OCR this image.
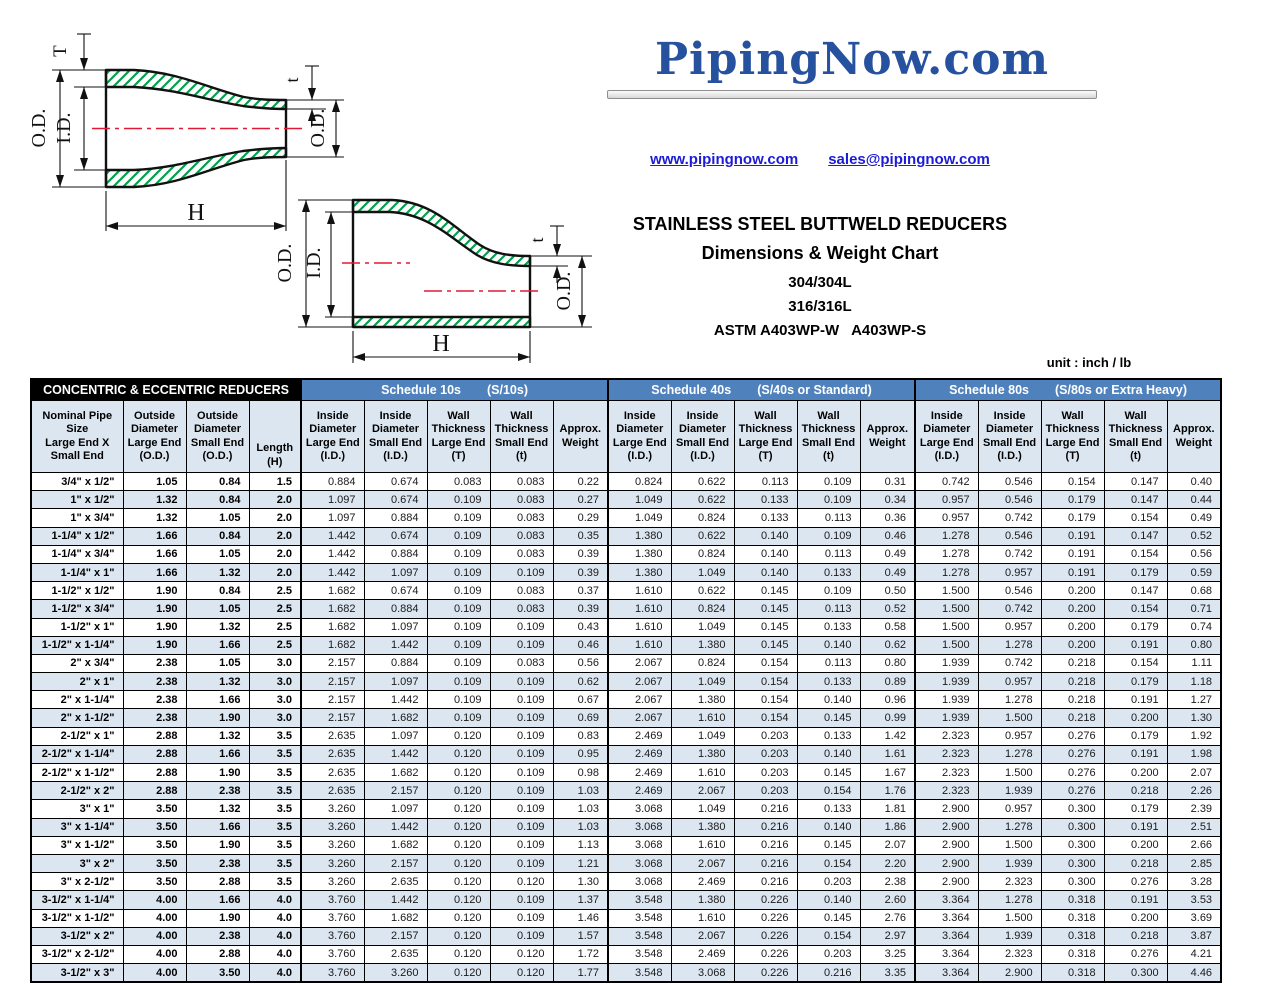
O.D. I.D.
T
t
O.D.
H
O.D. I.D.
t
O.D.
H
PipingNow.com
www.pipingnow.com sales@pipingnow.com
STAINLESS STEEL BUTTWELD REDUCERS
Dimensions & Weight Chart
304/304L
316/316L
ASTM A403WP-W   A403WP-S
unit : inch / lb
CONCENTRIC & ECCENTRIC REDUCERS				Schedule 10s (S/10s)					Schedule 40s (S/40s or Standard)					Schedule 80s (S/80s or Extra Heavy)				

Nominal Pipe
Size
Large End X
Small End

Outside
Diameter
Large End
(O.D.)

Outside
Diameter
Small End
(O.D.)

Length
(H)

Inside
Diameter
Large End
(I.D.)

Inside
Diameter
Small End
(I.D.)

Wall
Thickness
Large End
(T)

Wall
Thickness
Small End
(t)

Approx.
Weight

Inside
Diameter
Large End
(I.D.)

Inside
Diameter
Small End
(I.D.)

Wall
Thickness
Large End
(T)

Wall
Thickness
Small End
(t)

Approx.
Weight

Inside
Diameter
Large End
(I.D.)

Inside
Diameter
Small End
(I.D.)

Wall
Thickness
Large End
(T)

Wall
Thickness
Small End
(t)

Approx.
Weight

3/4" x 1/2"	1.05	0.84	1.5	0.884	0.674	0.083	0.083	0.22	0.824	0.622	0.113	0.109	0.31	0.742	0.546	0.154	0.147	0.40
1" x 1/2"	1.32	0.84	2.0	1.097	0.674	0.109	0.083	0.27	1.049	0.622	0.133	0.109	0.34	0.957	0.546	0.179	0.147	0.44
1" x 3/4"	1.32	1.05	2.0	1.097	0.884	0.109	0.083	0.29	1.049	0.824	0.133	0.113	0.36	0.957	0.742	0.179	0.154	0.49
1-1/4" x 1/2"	1.66	0.84	2.0	1.442	0.674	0.109	0.083	0.35	1.380	0.622	0.140	0.109	0.46	1.278	0.546	0.191	0.147	0.52
1-1/4" x 3/4"	1.66	1.05	2.0	1.442	0.884	0.109	0.083	0.39	1.380	0.824	0.140	0.113	0.49	1.278	0.742	0.191	0.154	0.56
1-1/4" x 1"	1.66	1.32	2.0	1.442	1.097	0.109	0.109	0.39	1.380	1.049	0.140	0.133	0.49	1.278	0.957	0.191	0.179	0.59
1-1/2" x 1/2"	1.90	0.84	2.5	1.682	0.674	0.109	0.083	0.37	1.610	0.622	0.145	0.109	0.50	1.500	0.546	0.200	0.147	0.68
1-1/2" x 3/4"	1.90	1.05	2.5	1.682	0.884	0.109	0.083	0.39	1.610	0.824	0.145	0.113	0.52	1.500	0.742	0.200	0.154	0.71
1-1/2" x 1"	1.90	1.32	2.5	1.682	1.097	0.109	0.109	0.43	1.610	1.049	0.145	0.133	0.58	1.500	0.957	0.200	0.179	0.74
1-1/2" x 1-1/4"	1.90	1.66	2.5	1.682	1.442	0.109	0.109	0.46	1.610	1.380	0.145	0.140	0.62	1.500	1.278	0.200	0.191	0.80
2" x 3/4"	2.38	1.05	3.0	2.157	0.884	0.109	0.083	0.56	2.067	0.824	0.154	0.113	0.80	1.939	0.742	0.218	0.154	1.11
2" x 1"	2.38	1.32	3.0	2.157	1.097	0.109	0.109	0.62	2.067	1.049	0.154	0.133	0.89	1.939	0.957	0.218	0.179	1.18
2" x 1-1/4"	2.38	1.66	3.0	2.157	1.442	0.109	0.109	0.67	2.067	1.380	0.154	0.140	0.96	1.939	1.278	0.218	0.191	1.27
2" x 1-1/2"	2.38	1.90	3.0	2.157	1.682	0.109	0.109	0.69	2.067	1.610	0.154	0.145	0.99	1.939	1.500	0.218	0.200	1.30
2-1/2" x 1"	2.88	1.32	3.5	2.635	1.097	0.120	0.109	0.83	2.469	1.049	0.203	0.133	1.42	2.323	0.957	0.276	0.179	1.92
2-1/2" x 1-1/4"	2.88	1.66	3.5	2.635	1.442	0.120	0.109	0.95	2.469	1.380	0.203	0.140	1.61	2.323	1.278	0.276	0.191	1.98
2-1/2" x 1-1/2"	2.88	1.90	3.5	2.635	1.682	0.120	0.109	0.98	2.469	1.610	0.203	0.145	1.67	2.323	1.500	0.276	0.200	2.07
2-1/2" x 2"	2.88	2.38	3.5	2.635	2.157	0.120	0.109	1.03	2.469	2.067	0.203	0.154	1.76	2.323	1.939	0.276	0.218	2.26
3" x 1"	3.50	1.32	3.5	3.260	1.097	0.120	0.109	1.03	3.068	1.049	0.216	0.133	1.81	2.900	0.957	0.300	0.179	2.39
3" x 1-1/4"	3.50	1.66	3.5	3.260	1.442	0.120	0.109	1.03	3.068	1.380	0.216	0.140	1.86	2.900	1.278	0.300	0.191	2.51
3" x 1-1/2"	3.50	1.90	3.5	3.260	1.682	0.120	0.109	1.13	3.068	1.610	0.216	0.145	2.07	2.900	1.500	0.300	0.200	2.66
3" x 2"	3.50	2.38	3.5	3.260	2.157	0.120	0.109	1.21	3.068	2.067	0.216	0.154	2.20	2.900	1.939	0.300	0.218	2.85
3" x 2-1/2"	3.50	2.88	3.5	3.260	2.635	0.120	0.120	1.30	3.068	2.469	0.216	0.203	2.38	2.900	2.323	0.300	0.276	3.28
3-1/2" x 1-1/4"	4.00	1.66	4.0	3.760	1.442	0.120	0.109	1.37	3.548	1.380	0.226	0.140	2.60	3.364	1.278	0.318	0.191	3.53
3-1/2" x 1-1/2"	4.00	1.90	4.0	3.760	1.682	0.120	0.109	1.46	3.548	1.610	0.226	0.145	2.76	3.364	1.500	0.318	0.200	3.69
3-1/2" x 2"	4.00	2.38	4.0	3.760	2.157	0.120	0.109	1.57	3.548	2.067	0.226	0.154	2.97	3.364	1.939	0.318	0.218	3.87
3-1/2" x 2-1/2"	4.00	2.88	4.0	3.760	2.635	0.120	0.120	1.72	3.548	2.469	0.226	0.203	3.25	3.364	2.323	0.318	0.276	4.21
3-1/2" x 3"	4.00	3.50	4.0	3.760	3.260	0.120	0.120	1.77	3.548	3.068	0.226	0.216	3.35	3.364	2.900	0.318	0.300	4.46
